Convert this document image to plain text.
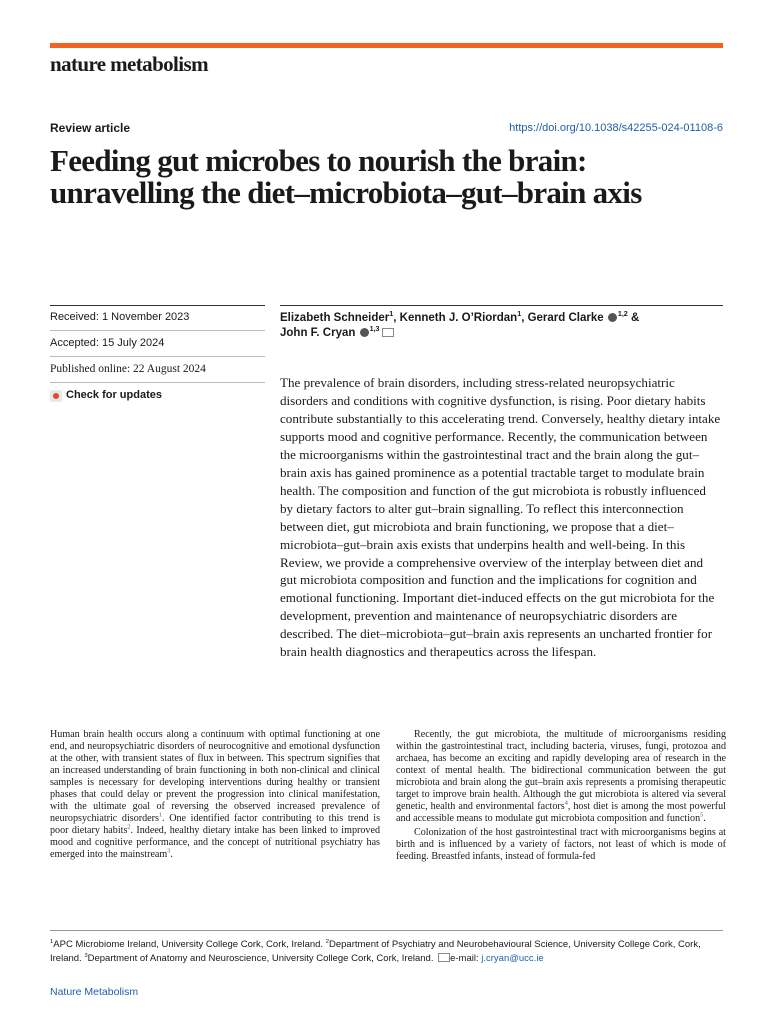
nature metabolism
Review article	https://doi.org/10.1038/s42255-024-01108-6
Feeding gut microbes to nourish the brain: unravelling the diet–microbiota–gut–brain axis
Received: 1 November 2023
Accepted: 15 July 2024
Published online: 22 August 2024
Check for updates
Elizabeth Schneider$^1$, Kenneth J. O’Riordan$^1$, Gerard Clarke $^{1,2}$ &
John F. Cryan $^{1,3}$

The prevalence of brain disorders, including stress-related neuropsychiatric disorders and conditions with cognitive dysfunction, is rising. Poor dietary habits contribute substantially to this accelerating trend. Conversely, healthy dietary intake supports mood and cognitive performance. Recently, the communication between the microorganisms within the gastrointestinal tract and the brain along the gut–brain axis has gained prominence as a potential tractable target to modulate brain health. The composition and function of the gut microbiota is robustly influenced by dietary factors to alter gut–brain signalling. To reflect this interconnection between diet, gut microbiota and brain functioning, we propose that a diet–microbiota–gut–brain axis exists that underpins health and well-being. In this Review, we provide a comprehensive overview of the interplay between diet and gut microbiota composition and function and the implications for cognition and emotional functioning. Important diet-induced effects on the gut microbiota for the development, prevention and maintenance of neuropsychiatric disorders are described. The diet–microbiota–gut–brain axis represents an uncharted frontier for brain health diagnostics and therapeutics across the lifespan.

Human brain health occurs along a continuum with optimal functioning at one end, and neuropsychiatric disorders of neurocognitive and emotional dysfunction at the other, with transient states of flux in between. This spectrum signifies that an increased understanding of brain functioning in both non-clinical and clinical samples is necessary for developing interventions during healthy or transient phases that could delay or prevent the progression into clinical manifestation, with the ultimate goal of reversing the observed increased prevalence of neuropsychiatric disorders$^1$. One identified factor contributing to this trend is poor dietary habits$^2$. Indeed, healthy dietary intake has been linked to improved mood and cognitive performance, and the concept of nutritional psychiatry has emerged into the mainstream$^3$.

Recently, the gut microbiota, the multitude of microorganisms residing within the gastrointestinal tract, including bacteria, viruses, fungi, protozoa and archaea, has become an exciting and rapidly developing area of research in the context of mental health. The bidirectional communication between the gut microbiota and brain along the gut–brain axis represents a promising therapeutic target to improve brain health. Although the gut microbiota is altered via several genetic, health and environmental factors$^4$, host diet is among the most powerful and accessible means to modulate gut microbiota composition and function$^5$.

Colonization of the host gastrointestinal tract with microorganisms begins at birth and is influenced by a variety of factors, not least of which is mode of feeding. Breastfed infants, instead of formula-fed

$^1$APC Microbiome Ireland, University College Cork, Cork, Ireland. $^2$Department of Psychiatry and Neurobehavioural Science, University College Cork, Cork, Ireland. $^3$Department of Anatomy and Neuroscience, University College Cork, Cork, Ireland. e-mail: j.cryan@ucc.ie

Nature Metabolism
